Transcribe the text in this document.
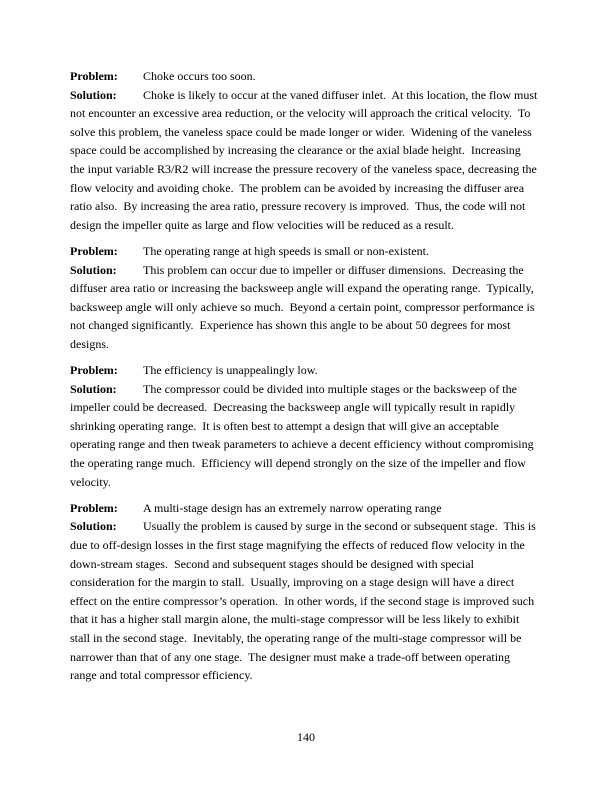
Problem: Choke occurs too soon.
Solution: Choke is likely to occur at the vaned diffuser inlet.  At this location, the flow must
not encounter an excessive area reduction, or the velocity will approach the critical velocity.  To
solve this problem, the vaneless space could be made longer or wider.  Widening of the vaneless
space could be accomplished by increasing the clearance or the axial blade height.  Increasing
the input variable R3/R2 will increase the pressure recovery of the vaneless space, decreasing the
flow velocity and avoiding choke.  The problem can be avoided by increasing the diffuser area
ratio also.  By increasing the area ratio, pressure recovery is improved.  Thus, the code will not
design the impeller quite as large and flow velocities will be reduced as a result.
Problem: The operating range at high speeds is small or non-existent.
Solution: This problem can occur due to impeller or diffuser dimensions.  Decreasing the
diffuser area ratio or increasing the backsweep angle will expand the operating range.  Typically,
backsweep angle will only achieve so much.  Beyond a certain point, compressor performance is
not changed significantly.  Experience has shown this angle to be about 50 degrees for most
designs.
Problem: The efficiency is unappealingly low.
Solution: The compressor could be divided into multiple stages or the backsweep of the
impeller could be decreased.  Decreasing the backsweep angle will typically result in rapidly
shrinking operating range.  It is often best to attempt a design that will give an acceptable
operating range and then tweak parameters to achieve a decent efficiency without compromising
the operating range much.  Efficiency will depend strongly on the size of the impeller and flow
velocity.
Problem: A multi-stage design has an extremely narrow operating range
Solution: Usually the problem is caused by surge in the second or subsequent stage.  This is
due to off-design losses in the first stage magnifying the effects of reduced flow velocity in the
down-stream stages.  Second and subsequent stages should be designed with special
consideration for the margin to stall.  Usually, improving on a stage design will have a direct
effect on the entire compressor’s operation.  In other words, if the second stage is improved such
that it has a higher stall margin alone, the multi-stage compressor will be less likely to exhibit
stall in the second stage.  Inevitably, the operating range of the multi-stage compressor will be
narrower than that of any one stage.  The designer must make a trade-off between operating
range and total compressor efficiency.
140
